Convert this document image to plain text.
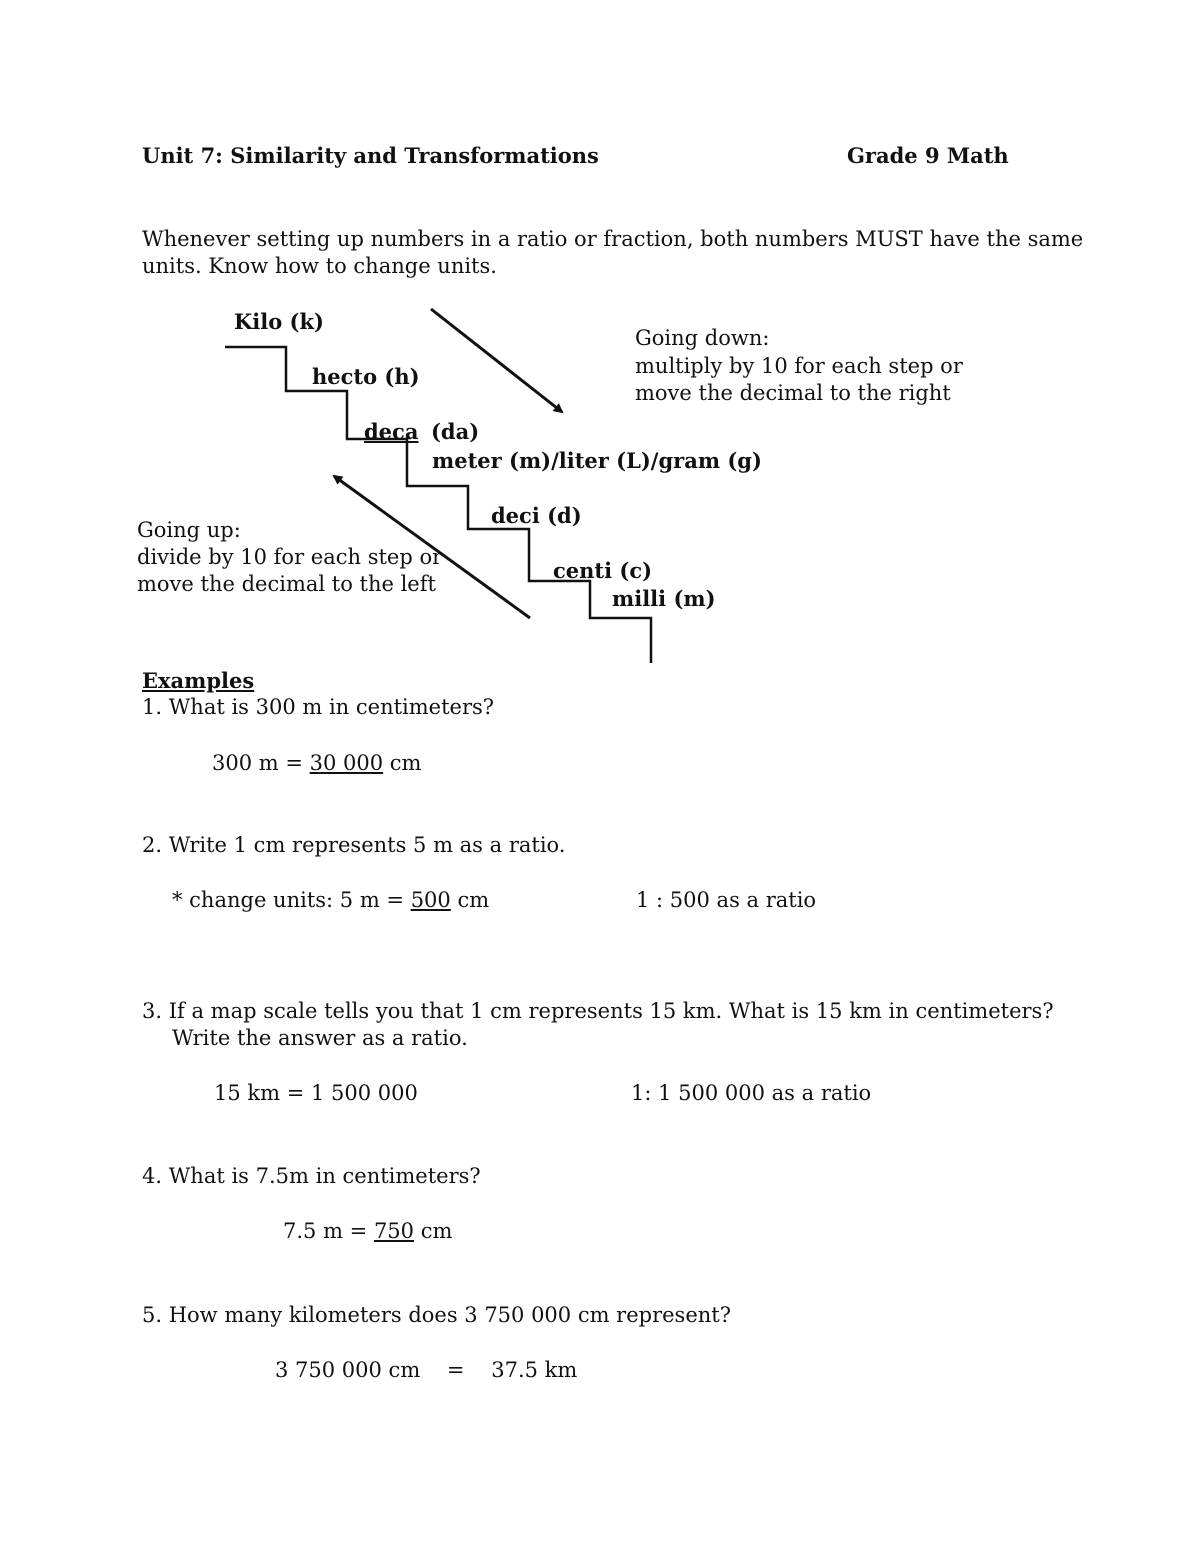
Unit 7: Similarity and Transformations	Grade 9 Math
Whenever setting up numbers in a ratio or fraction, both numbers MUST have the same
units. Know how to change units.
Kilo (k)
hecto (h)
deca (da)
meter (m)/liter (L)/gram (g)
deci (d)
centi (c)
milli (m)
Going down:
multiply by 10 for each step or
move the decimal to the right
Going up:
divide by 10 for each step or
move the decimal to the left
Examples
1. What is 300 m in centimeters?
300 m = 30 000 cm
2. Write 1 cm represents 5 m as a ratio.
* change units: 5 m = 500 cm	1 : 500 as a ratio
3. If a map scale tells you that 1 cm represents 15 km. What is 15 km in centimeters?
Write the answer as a ratio.
15 km = 1 500 000	1: 1 500 000 as a ratio
4. What is 7.5m in centimeters?
7.5 m = 750 cm
5. How many kilometers does 3 750 000 cm represent?
3 750 000 cm    =    37.5 km
